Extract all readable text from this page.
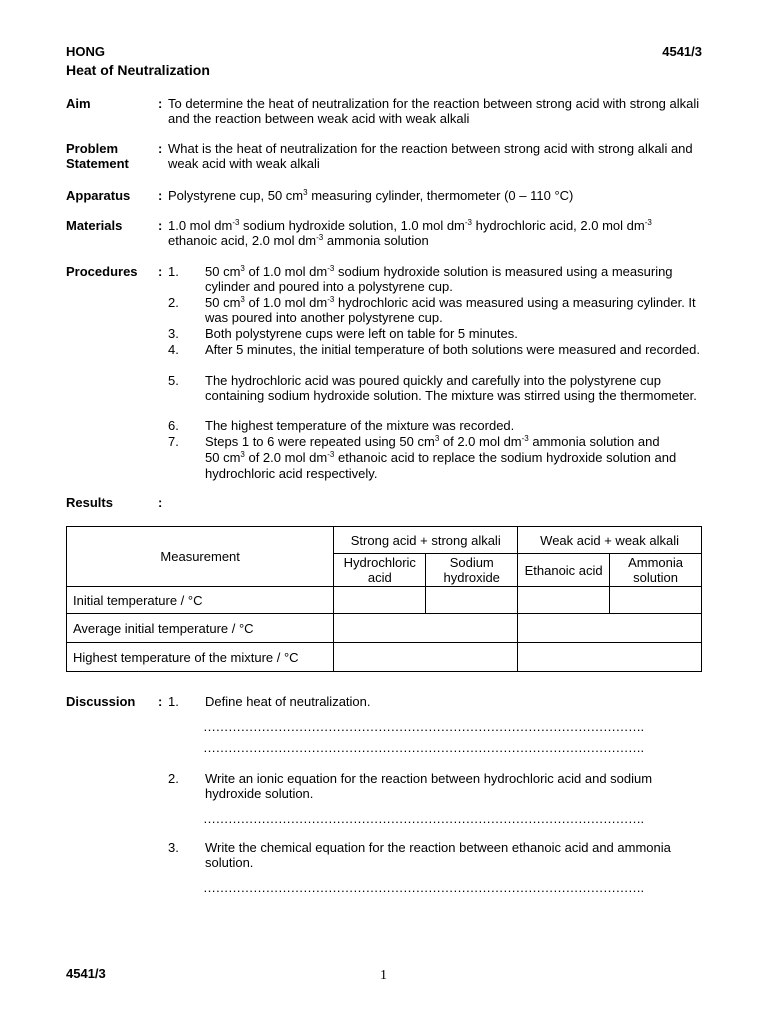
HONG	4541/3
Heat of Neutralization
Aim	: To determine the heat of neutralization for the reaction between strong acid with strong alkali and the reaction between weak acid with weak alkali
Problem
Statement
: What is the heat of neutralization for the reaction between strong acid with strong alkali and weak acid with weak alkali
Apparatus : Polystyrene cup, 50 $cm^3$ measuring cylinder, thermometer (0 – 110 °C)
Materials	: 1.0 mol $dm^{-3}$ sodium hydroxide solution, 1.0 mol $dm^{-3}$ hydrochloric acid, 2.0 mol $dm^{-3}$
ethanoic acid, 2.0 mol $dm^{-3}$ ammonia solution
Procedures : 1. 50 $cm^3$ of 1.0 mol $dm^{-3}$ sodium hydroxide solution is measured using a measuring cylinder and poured into a polystyrene cup.
2. 50 $cm^3$ of 1.0 mol $dm^{-3}$ hydrochloric acid was measured using a measuring cylinder. It was poured into another polystyrene cup.
3. Both polystyrene cups were left on table for 5 minutes.
4. After 5 minutes, the initial temperature of both solutions were measured and recorded.
5. The hydrochloric acid was poured quickly and carefully into the polystyrene cup containing sodium hydroxide solution. The mixture was stirred using the thermometer.
6. The highest temperature of the mixture was recorded.
7. Steps 1 to 6 were repeated using 50 $cm^3$ of 2.0 mol $dm^{-3}$ ammonia solution and
50 $cm^3$ of 2.0 mol $dm^{-3}$ ethanoic acid to replace the sodium hydroxide solution and hydrochloric acid respectively.
Results	:
Measurement	Strong acid + strong alkali		Weak acid + weak alkali	
	Hydrochloric acid	Sodium hydroxide	Ethanoic acid	Ammonia solution
Initial temperature / °C				
Average initial temperature / °C				
Highest temperature of the mixture / °C				
Discussion : 1. Define heat of neutralization.
…………………………………………………………………………………………….
…………………………………………………………………………………………….
2. Write an ionic equation for the reaction between hydrochloric acid and sodium hydroxide solution.
…………………………………………………………………………………………….
3. Write the chemical equation for the reaction between ethanoic acid and ammonia solution.
…………………………………………………………………………………………….
4541/3	1
